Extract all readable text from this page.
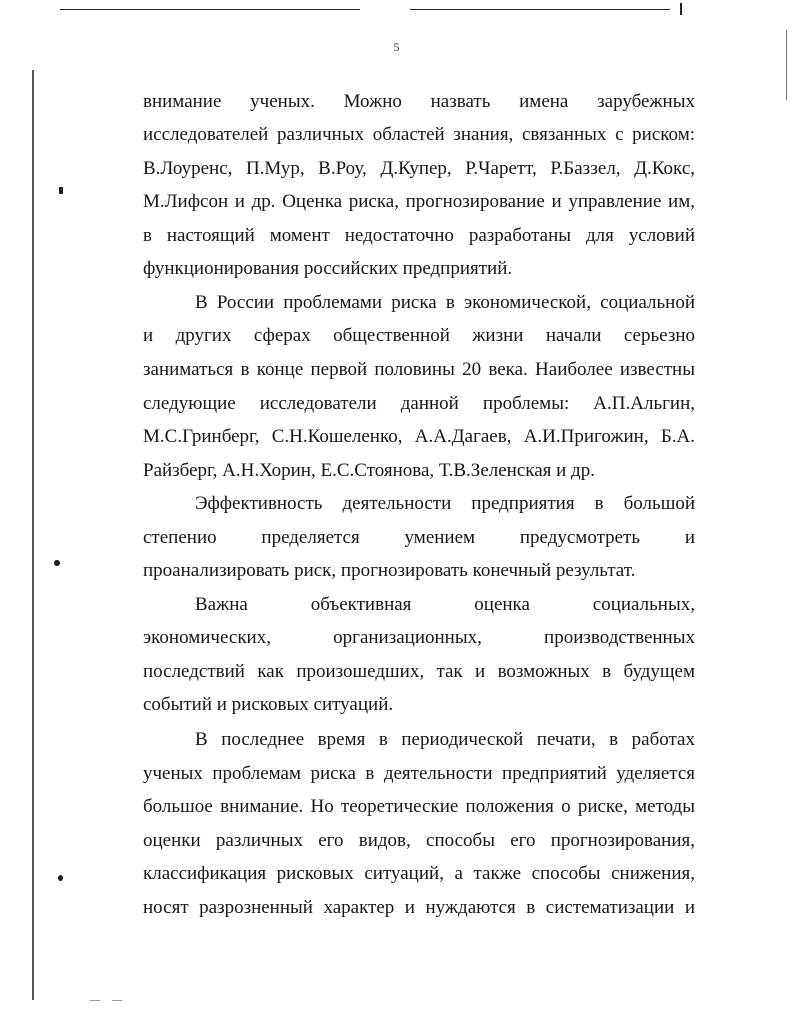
5
внимание ученых. Можно назвать имена зарубежных
исследователей различных областей знания, связанных с риском:
В.Лоуренс, П.Мур, В.Роу, Д.Купер, Р.Чаретт, Р.Баззел, Д.Кокс,
М.Лифсон и др. Оценка риска, прогнозирование и управление им,
в настоящий момент недостаточно разработаны для условий
функционирования российских предприятий.
В России проблемами риска в экономической, социальной
и других сферах общественной жизни начали серьезно
заниматься в конце первой половины 20 века. Наиболее известны
следующие исследователи данной проблемы: А.П.Альгин,
М.С.Гринберг, С.Н.Кошеленко, А.А.Дагаев, А.И.Пригожин, Б.А.
Райзберг, А.Н.Хорин, Е.С.Стоянова, Т.В.Зеленская и др.
Эффективность деятельности предприятия в большой
степенио пределяется умением предусмотреть и
проанализировать риск, прогнозировать конечный результат.
Важна объективная оценка социальных,
экономических, организационных, производственных
последствий как произошедших, так и возможных в будущем
событий и рисковых ситуаций.
В последнее время в периодической печати, в работах
ученых проблемам риска в деятельности предприятий уделяется
большое внимание. Но теоретические положения о риске, методы
оценки различных его видов, способы его прогнозирования,
классификация рисковых ситуаций, а также способы снижения,
носят разрозненный характер и нуждаются в систематизации и
